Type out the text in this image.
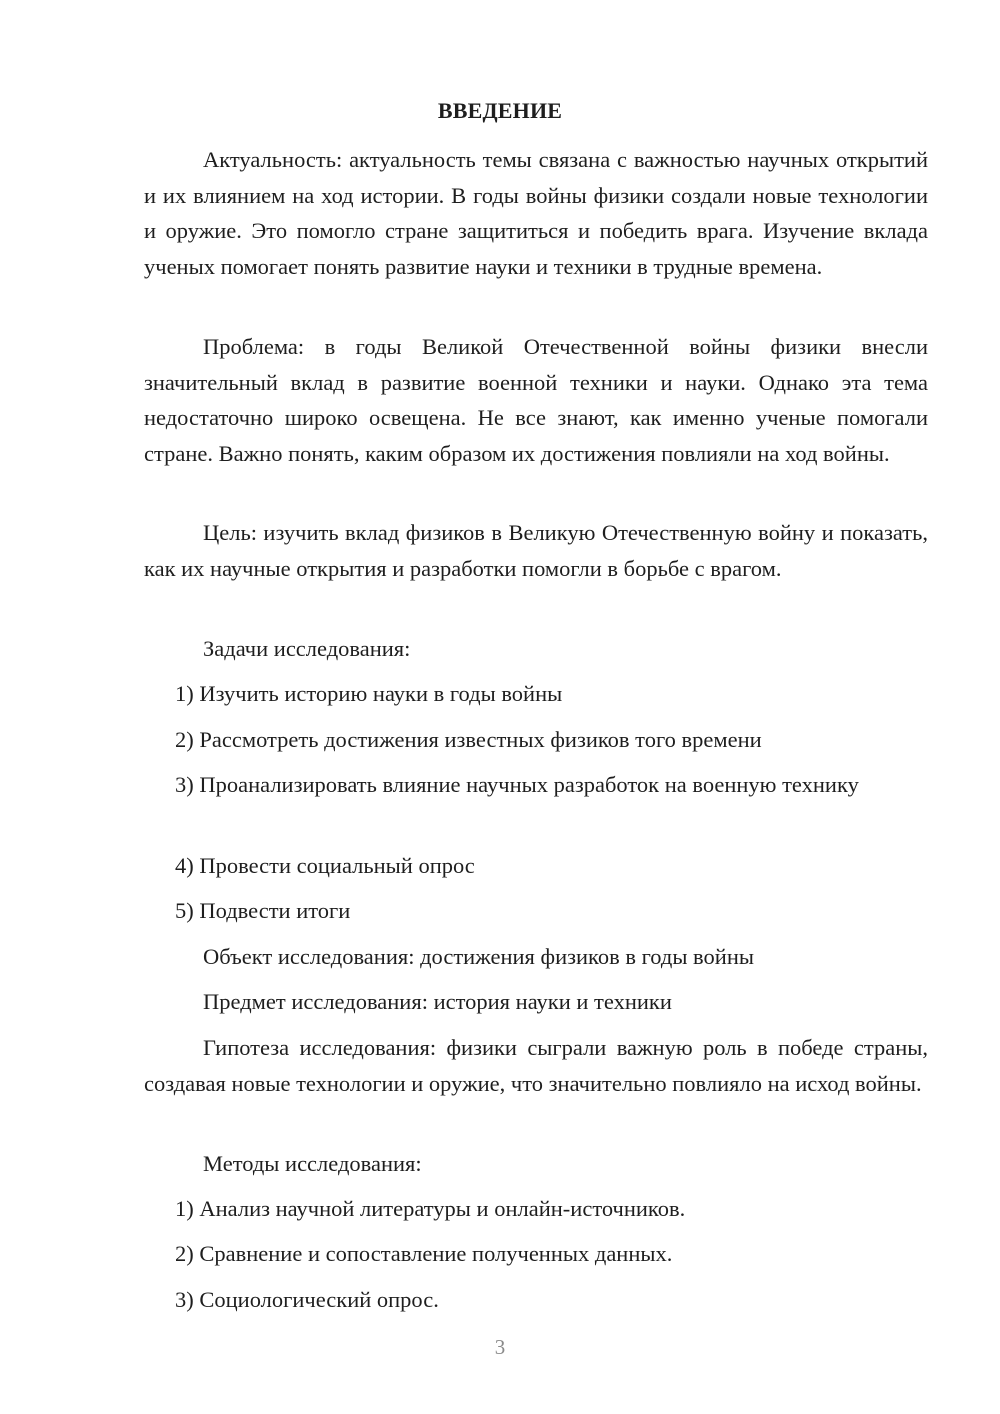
ВВЕДЕНИЕ
Актуальность: актуальность темы связана с важностью научных открытий и их влиянием на ход истории. В годы войны физики создали новые технологии и оружие. Это помогло стране защититься и победить врага. Изучение вклада ученых помогает понять развитие науки и техники в трудные времена.
Проблема: в годы Великой Отечественной войны физики внесли значительный вклад в развитие военной техники и науки. Однако эта тема недостаточно широко освещена. Не все знают, как именно ученые помогали стране. Важно понять, каким образом их достижения повлияли на ход войны.
Цель: изучить вклад физиков в Великую Отечественную войну и показать, как их научные открытия и разработки помогли в борьбе с врагом.
Задачи исследования:
1) Изучить историю науки в годы войны
2) Рассмотреть достижения известных физиков того времени
3) Проанализировать влияние научных разработок на военную технику
4) Провести социальный опрос
5) Подвести итоги
Объект исследования: достижения физиков в годы войны
Предмет исследования: история науки и техники
Гипотеза исследования: физики сыграли важную роль в победе страны, создавая новые технологии и оружие, что значительно повлияло на исход войны.
Методы исследования:
1) Анализ научной литературы и онлайн-источников.
2) Сравнение и сопоставление полученных данных.
3) Социологический опрос.
3
